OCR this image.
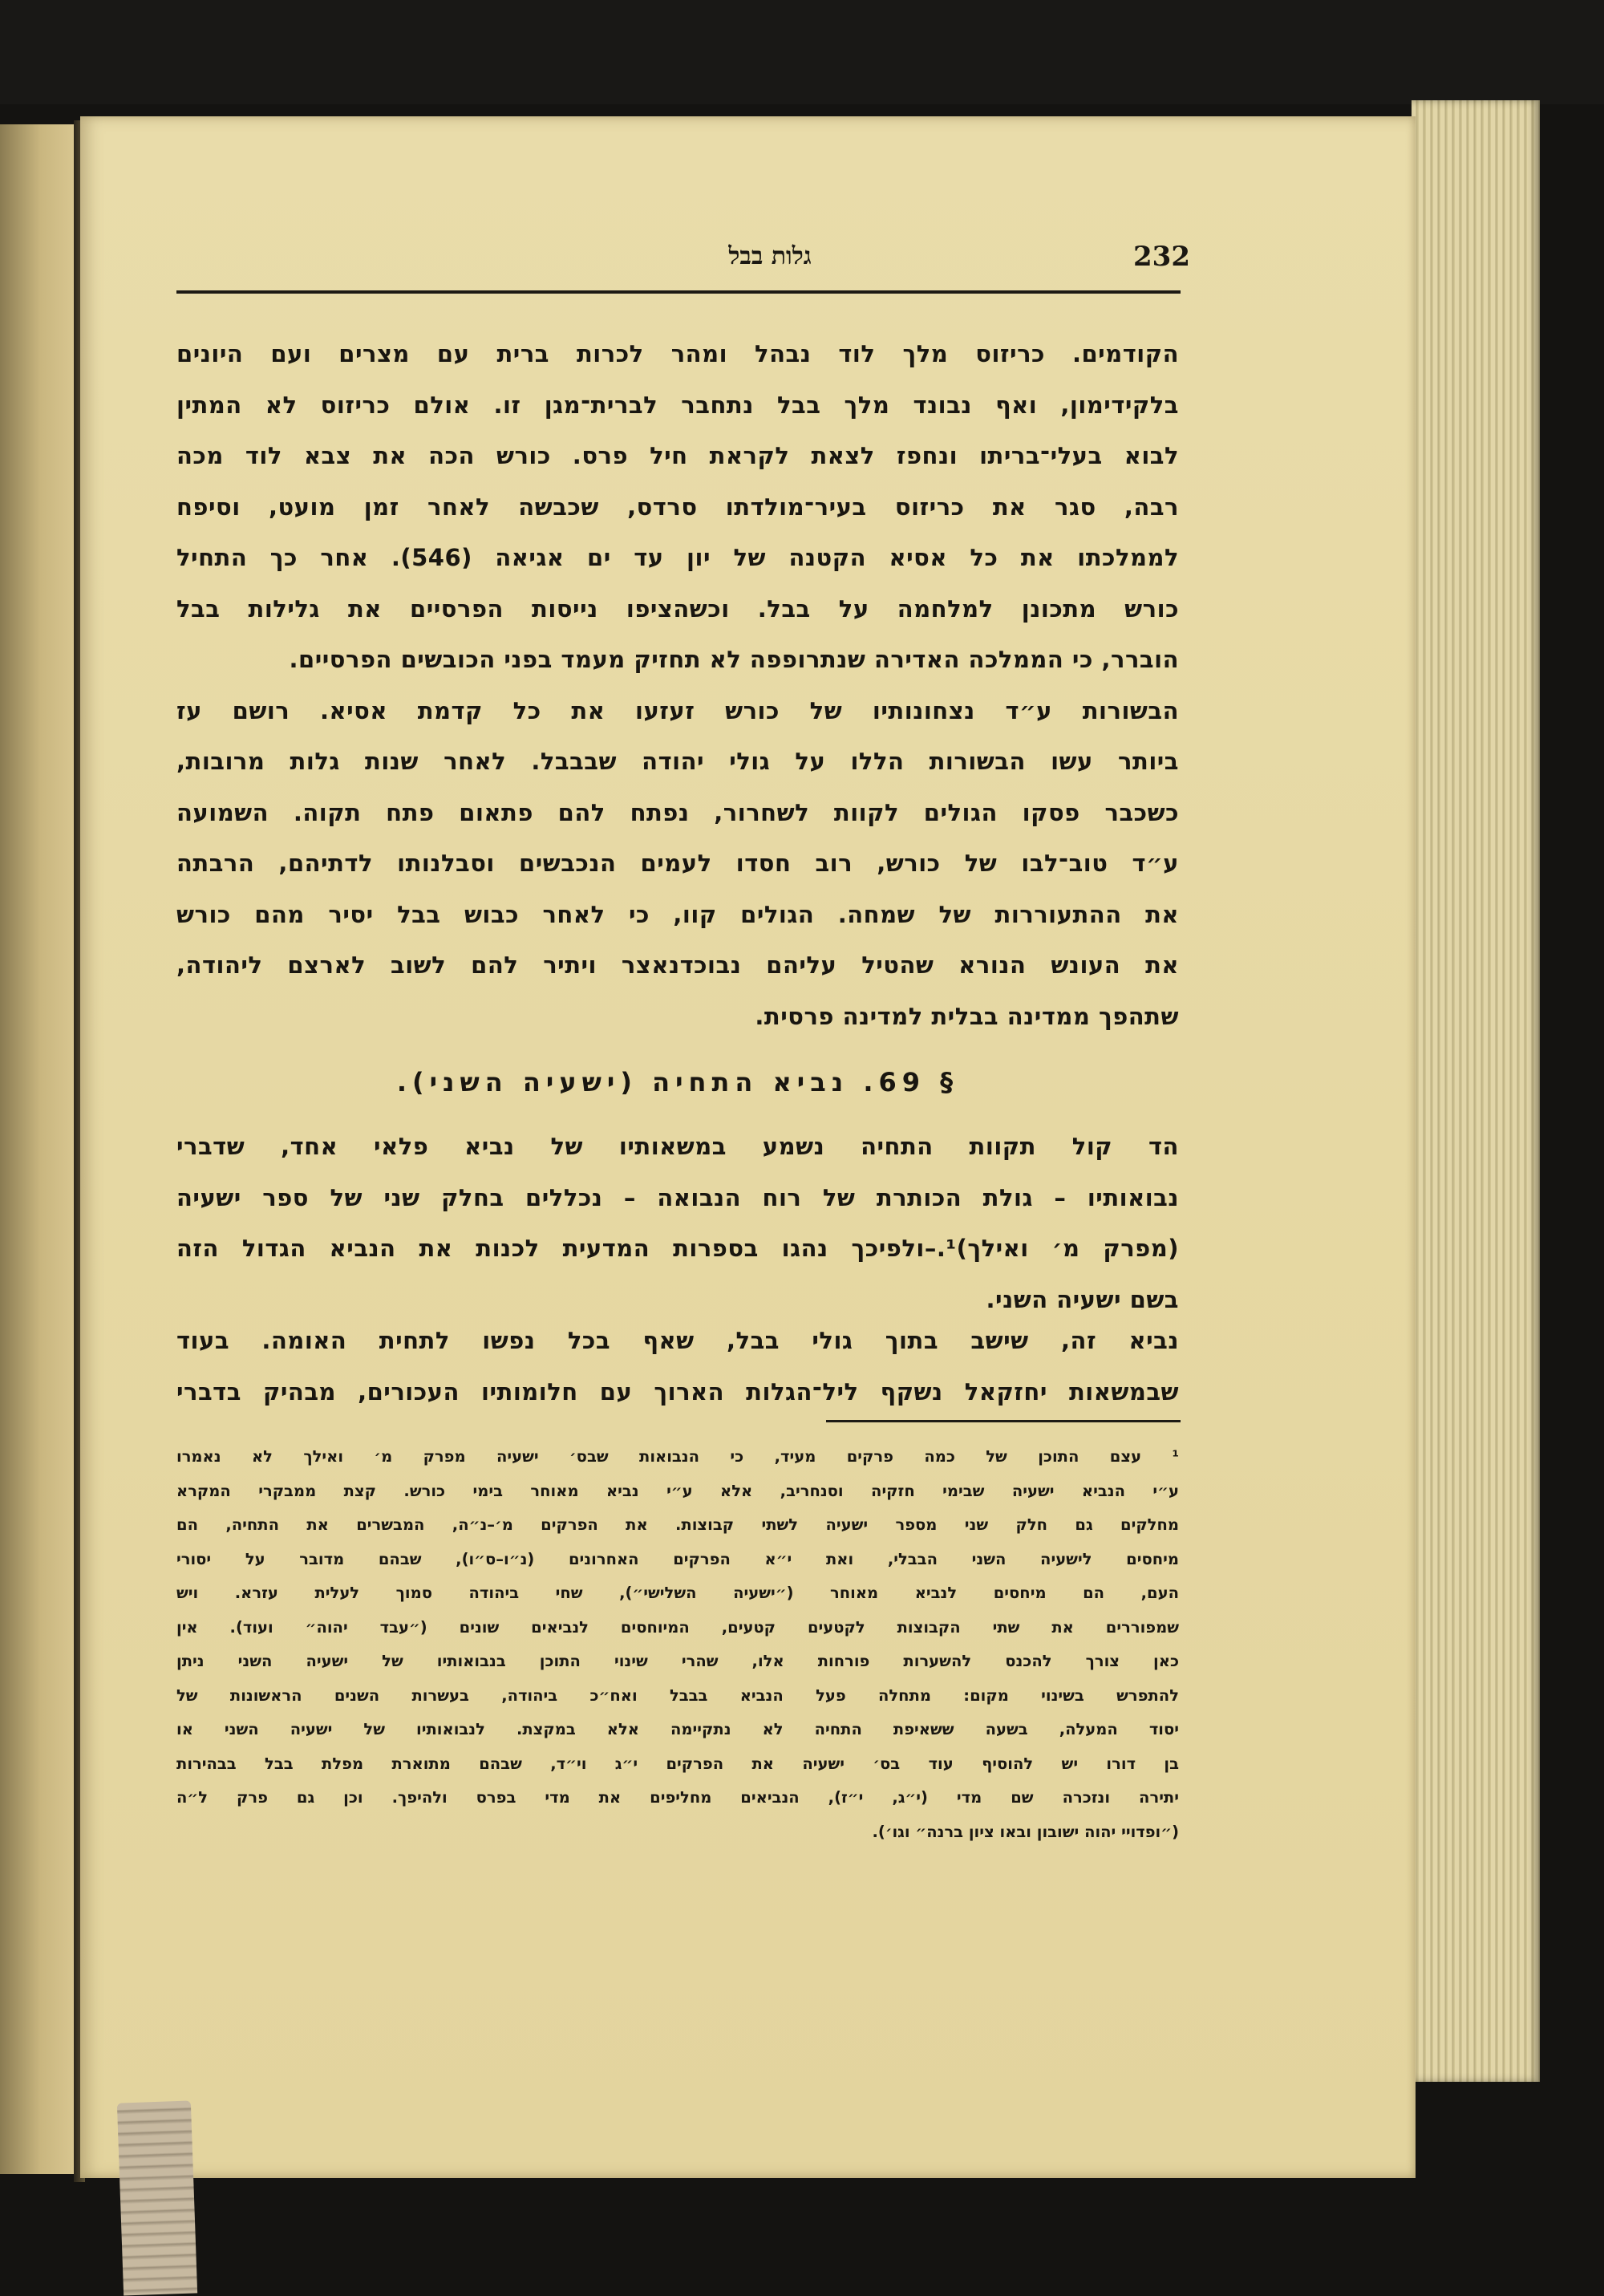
232
גלות בבל
הקודמים. כריזוס מלך לוד נבהל ומהר לכרות ברית עם מצרים ועם היונים
בלקידימון, ואף נבונד מלך בבל נתחבר לברית־מגן זו. אולם כריזוס לא המתין
לבוא בעלי־בריתו ונחפז לצאת לקראת חיל פרס. כורש הכה את צבא לוד מכה
רבה, סגר את כריזוס בעיר־מולדתו סרדס, שכבשה לאחר זמן מועט, וסיפח
לממלכתו את כל אסיא הקטנה של יון עד ים אגיאה (546). אחר כך התחיל
כורש מתכונן למלחמה על בבל. וכשהציפו נייסות הפרסיים את גלילות בבל
הוברר, כי הממלכה האדירה שנתרופפה לא תחזיק מעמד בפני הכובשים הפרסיים.
הבשורות ע״ד נצחונותיו של כורש זעזעו את כל קדמת אסיא. רושם עז
ביותר עשו הבשורות הללו על גולי יהודה שבבבל. לאחר שנות גלות מרובות,
כשכבר פסקו הגולים לקוות לשחרור, נפתח להם פתאום פתח תקוה. השמועה
ע״ד טוב־לבו של כורש, רוב חסדו לעמים הנכבשים וסבלנותו לדתיהם, הרבתה
את ההתעוררות של שמחה. הגולים קוו, כי לאחר כבוש בבל יסיר מהם כורש
את העונש הנורא שהטיל עליהם נבוכדנאצר ויתיר להם לשוב לארצם ליהודה,
שתהפך ממדינה בבלית למדינה פרסית.
§ 69. נביא התחיה (ישעיה השני).
הד קול תקוות התחיה נשמע במשאותיו של נביא פלאי אחד, שדברי
נבואותיו – גולת הכותרת של רוח הנבואה – נכללים בחלק שני של ספר ישעיה
(מפרק מ׳ ואילך)¹.–ולפיכך נהגו בספרות המדעית לכנות את הנביא הגדול הזה
בשם ישעיה השני.
נביא זה, שישב בתוך גולי בבל, שאף בכל נפשו לתחית האומה. בעוד
שבמשאות יחזקאל נשקף ליל־הגלות הארוך עם חלומותיו העכורים, מבהיק בדברי
¹ עצם התוכן של כמה פרקים מעיד, כי הנבואות שבס׳ ישעיה מפרק מ׳ ואילך לא נאמרו
ע״י הנביא ישעיה שבימי חזקיה וסנחריב, אלא ע״י נביא מאוחר בימי כורש. קצת ממבקרי המקרא
מחלקים גם חלק שני מספר ישעיה לשתי קבוצות. את הפרקים מ׳–נ״ה, המבשרים את התחיה, הם
מיחסים לישעיה השני הבבלי, ואת י״א הפרקים האחרונים (נ״ו–ס״ו), שבהם מדובר על יסורי
העם, הם מיחסים לנביא מאוחר (״ישעיה השלישי״), שחי ביהודה סמוך לעלית עזרא. ויש
שמפוררים את שתי הקבוצות לקטעים קטעים, המיוחסים לנביאים שונים (״עבד יהוה״ ועוד). אין
כאן צורך להכנס להשערות פורחות אלו, שהרי שינוי התוכן בנבואותיו של ישעיה השני ניתן
להתפרש בשינוי מקום: מתחלה פעל הנביא בבבל ואח״כ ביהודה, בעשרות השנים הראשונות של
יסוד המעלה, בשעה ששאיפת התחיה לא נתקיימה אלא במקצת. לנבואותיו של ישעיה השני או
בן דורו יש להוסיף עוד בס׳ ישעיה את הפרקים י״ג וי״ד, שבהם מתוארת מפלת בבל בבהירות
יתירה ונזכרה שם מדי (י״ג, י״ז), הנביאים מחליפים את מדי בפרס ולהיפך. וכן גם פרק ל״ה
(״ופדויי יהוה ישובון ובאו ציון ברנה״ וגו׳).
